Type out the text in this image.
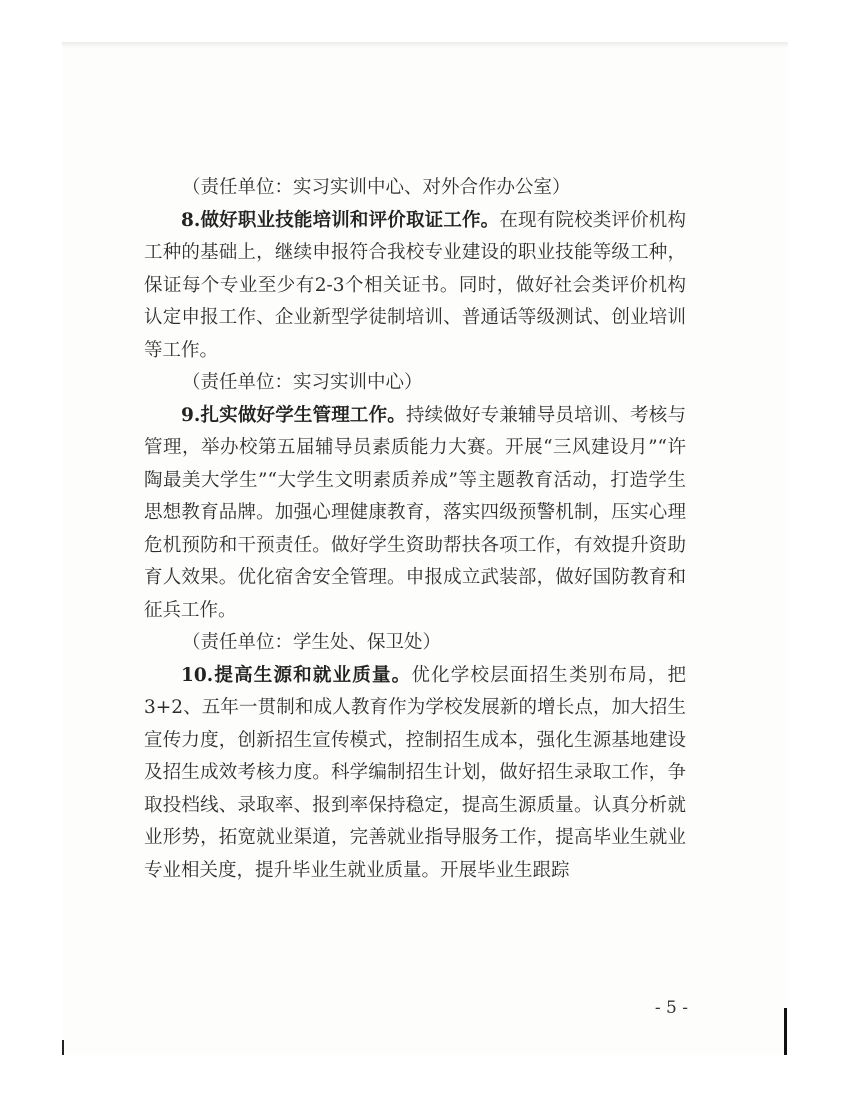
（责任单位：实习实训中心、对外合作办公室）

8.做好职业技能培训和评价取证工作。在现有院校类评价机构工种的基础上，继续申报符合我校专业建设的职业技能等级工种，保证每个专业至少有2-3个相关证书。同时，做好社会类评价机构认定申报工作、企业新型学徒制培训、普通话等级测试、创业培训等工作。

（责任单位：实习实训中心）

9.扎实做好学生管理工作。持续做好专兼辅导员培训、考核与管理，举办校第五届辅导员素质能力大赛。开展“三风建设月”“许陶最美大学生”“大学生文明素质养成”等主题教育活动，打造学生思想教育品牌。加强心理健康教育，落实四级预警机制，压实心理危机预防和干预责任。做好学生资助帮扶各项工作，有效提升资助育人效果。优化宿舍安全管理。申报成立武装部，做好国防教育和征兵工作。

（责任单位：学生处、保卫处）

10.提高生源和就业质量。优化学校层面招生类别布局，把3+2、五年一贯制和成人教育作为学校发展新的增长点，加大招生宣传力度，创新招生宣传模式，控制招生成本，强化生源基地建设及招生成效考核力度。科学编制招生计划，做好招生录取工作，争取投档线、录取率、报到率保持稳定，提高生源质量。认真分析就业形势，拓宽就业渠道，完善就业指导服务工作，提高毕业生就业专业相关度，提升毕业生就业质量。开展毕业生跟踪

- 5 -
